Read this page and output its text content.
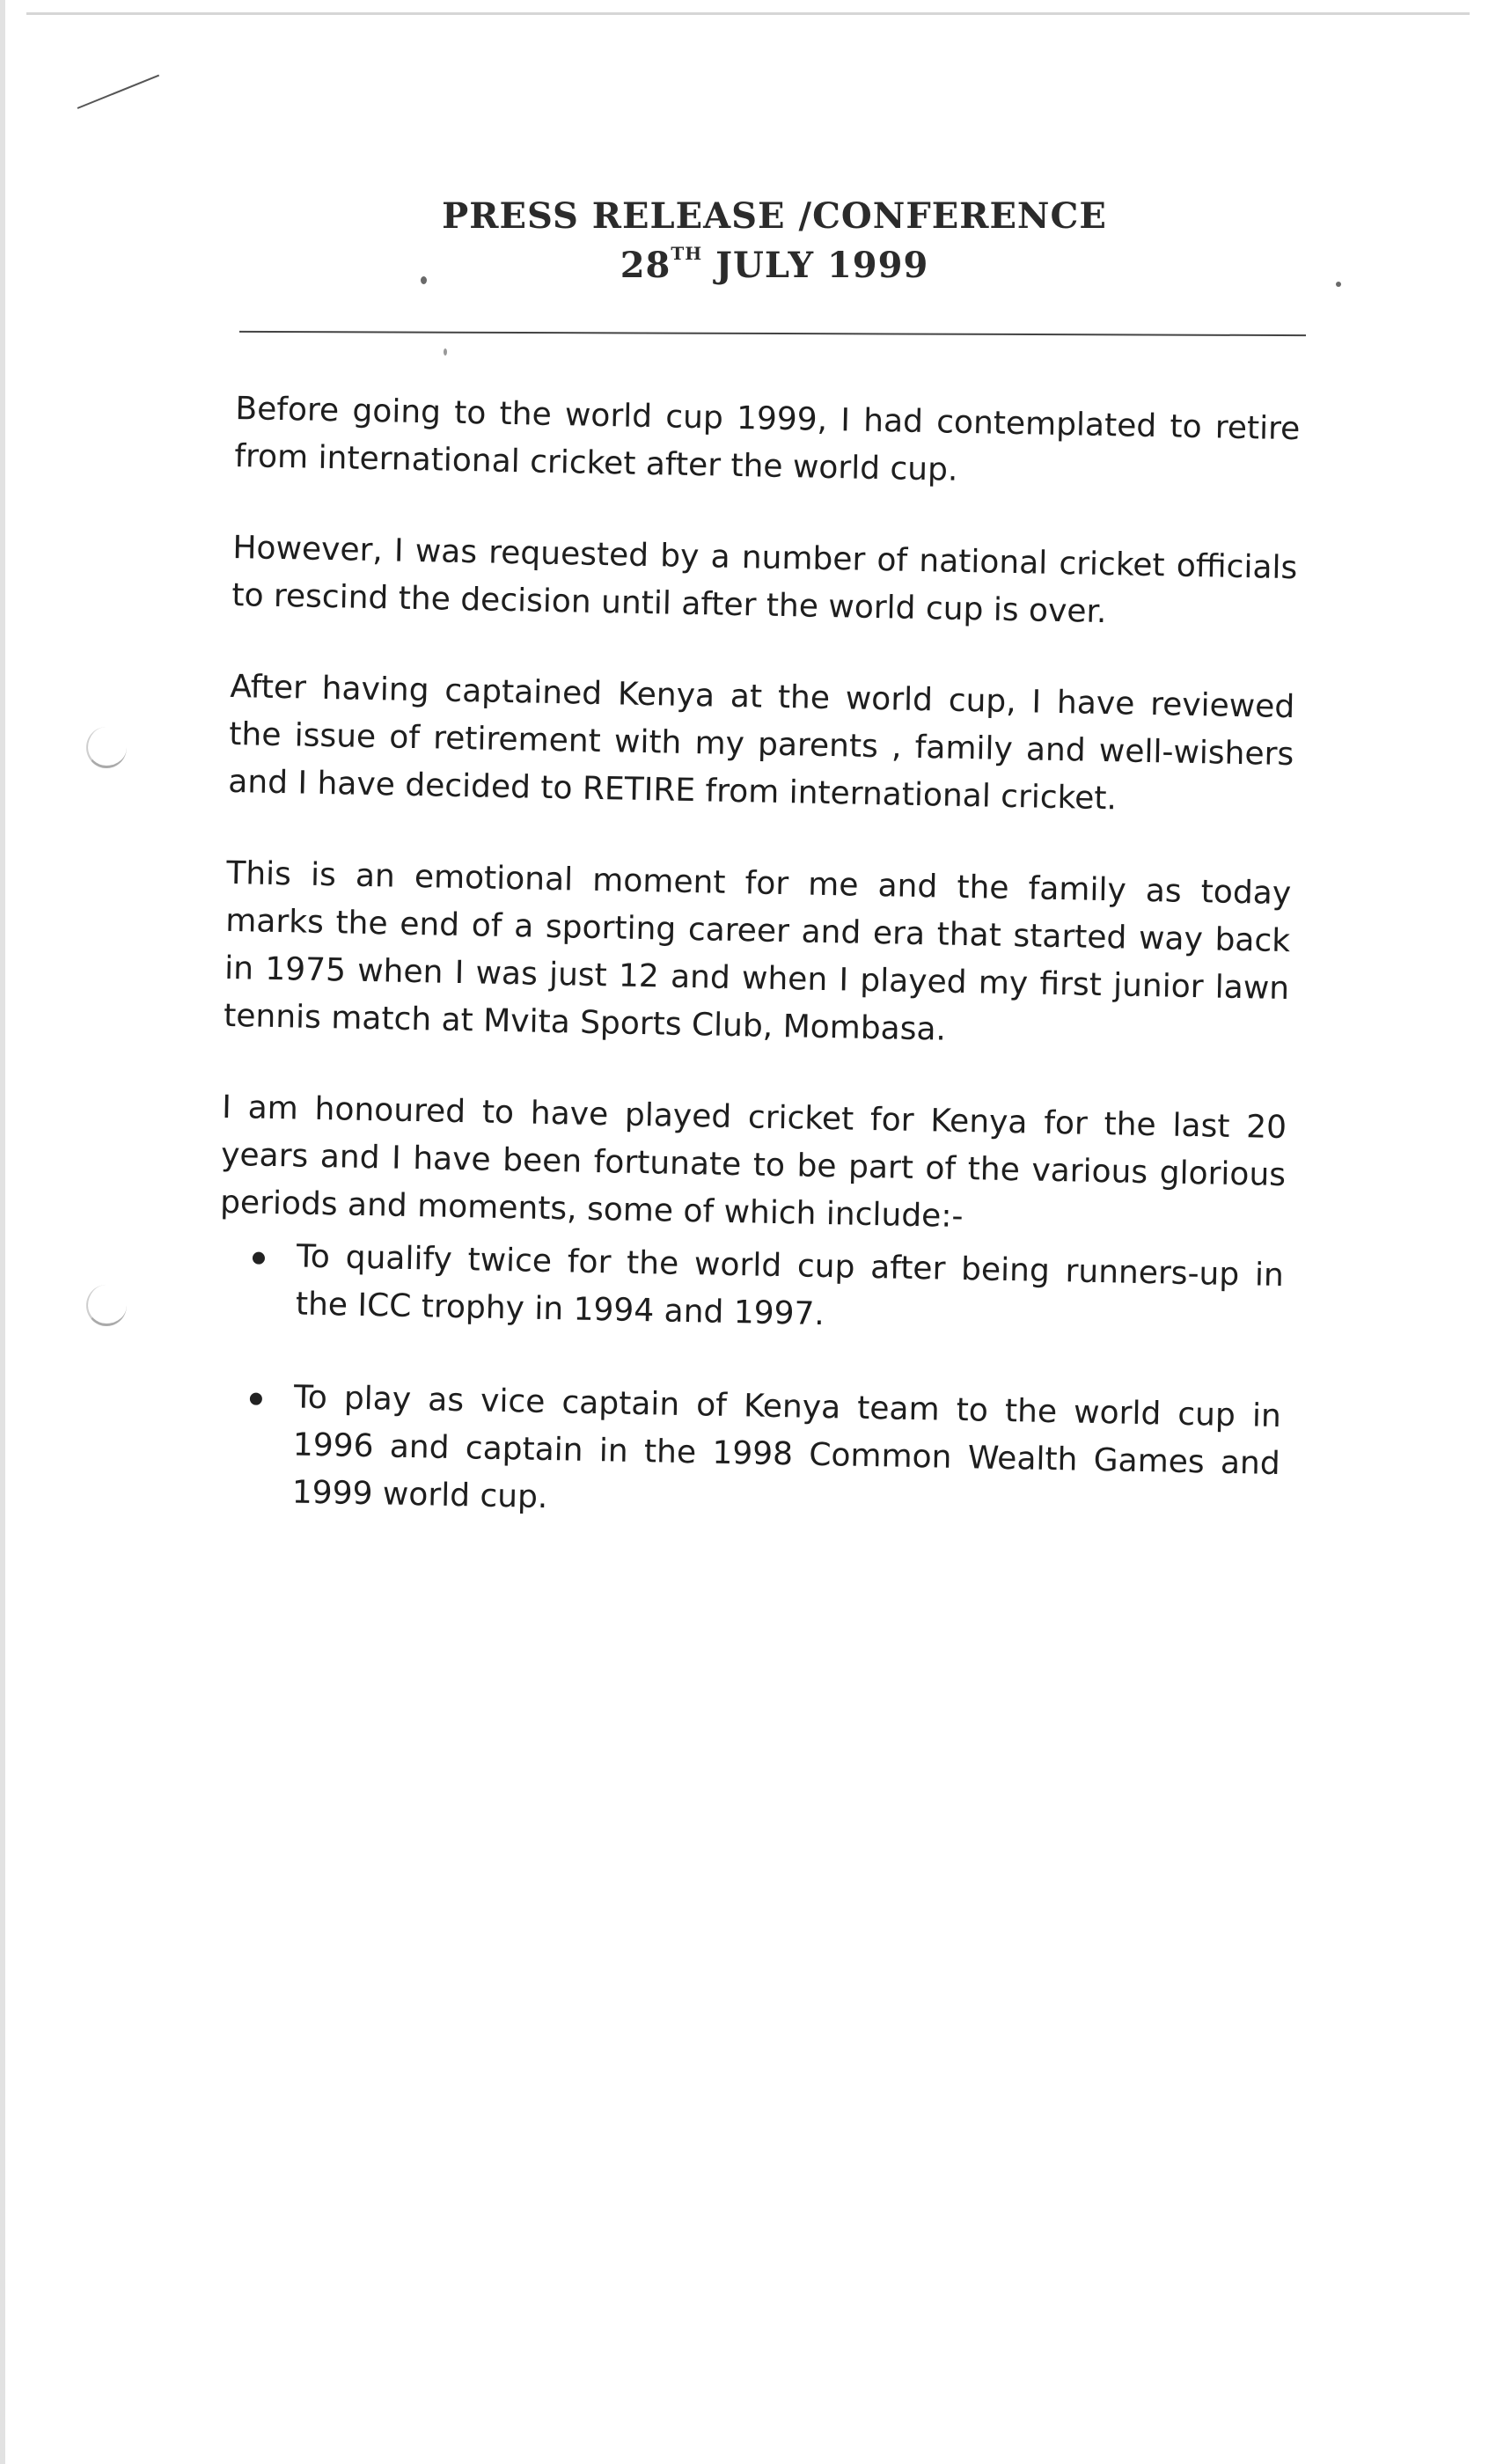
PRESS RELEASE /CONFERENCE
28TH JULY 1999

Before going to the world cup 1999, I had contemplated to retire from international cricket after the world cup.

However, I was requested by a number of national cricket officials to rescind the decision until after the world cup is over.

After having captained Kenya at the world cup, I have reviewed the issue of retirement with my parents , family and well-wishers and I have decided to RETIRE from international cricket.

This is an emotional moment for me and the family as today marks the end of a sporting career and era that started way back in 1975 when I was just 12 and when I played my first junior lawn tennis match at Mvita Sports Club, Mombasa.

I am honoured to have played cricket for Kenya for the last 20 years and I have been fortunate to be part of the various glorious periods and moments, some of which include:-

To qualify twice for the world cup after being runners-up in the ICC trophy in 1994 and 1997.
To play as vice captain of Kenya team to the world cup in 1996 and captain in the 1998 Common Wealth Games and 1999 world cup.
